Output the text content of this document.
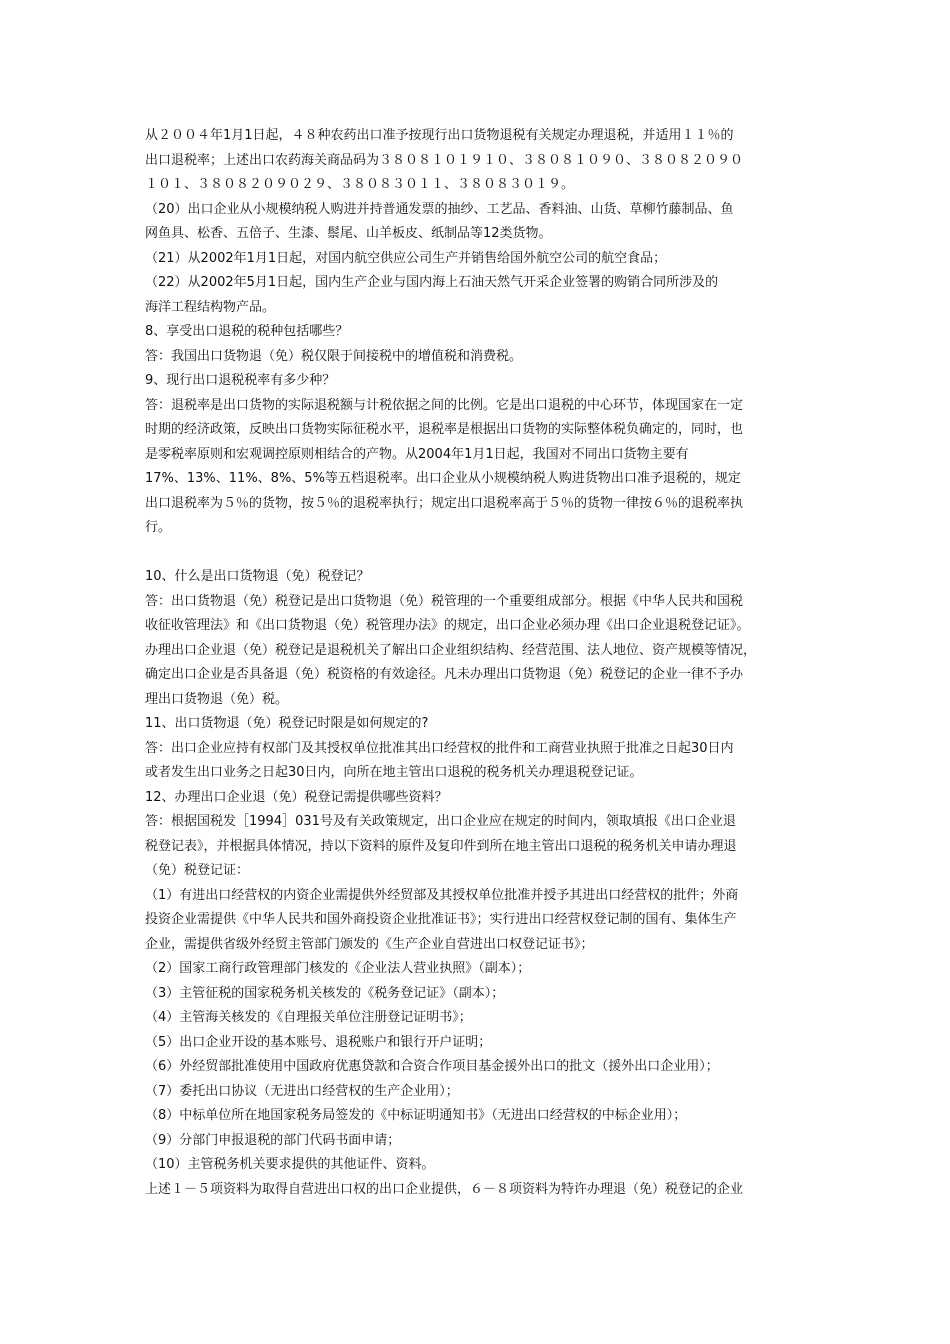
从２００４年1月1日起，４８种农药出口准予按现行出口货物退税有关规定办理退税，并适用１１％的
出口退税率；上述出口农药海关商品码为３８０８１０１９１０、３８０８１０９０、３８０８２０９０
１０１、３８０８２０９０２９、３８０８３０１１、３８０８３０１９。
（20）出口企业从小规模纳税人购进并持普通发票的抽纱、工艺品、香料油、山货、草柳竹藤制品、鱼
网鱼具、松香、五倍子、生漆、鬃尾、山羊板皮、纸制品等12类货物。
（21）从2002年1月1日起，对国内航空供应公司生产并销售给国外航空公司的航空食品；
（22）从2002年5月1日起，国内生产企业与国内海上石油天然气开采企业签署的购销合同所涉及的
海洋工程结构物产品。
8、享受出口退税的税种包括哪些？
答：我国出口货物退（免）税仅限于间接税中的增值税和消费税。
9、现行出口退税税率有多少种？
答：退税率是出口货物的实际退税额与计税依据之间的比例。它是出口退税的中心环节，体现国家在一定
时期的经济政策，反映出口货物实际征税水平，退税率是根据出口货物的实际整体税负确定的，同时，也
是零税率原则和宏观调控原则相结合的产物。从2004年1月1日起，我国对不同出口货物主要有
17%、13%、11%、8%、5%等五档退税率。出口企业从小规模纳税人购进货物出口准予退税的，规定
出口退税率为５％的货物，按５％的退税率执行；规定出口退税率高于５％的货物一律按６％的退税率执
行。
10、什么是出口货物退（免）税登记？
答：出口货物退（免）税登记是出口货物退（免）税管理的一个重要组成部分。根据《中华人民共和国税
收征收管理法》和《出口货物退（免）税管理办法》的规定，出口企业必须办理《出口企业退税登记证》。
办理出口企业退（免）税登记是退税机关了解出口企业组织结构、经营范围、法人地位、资产规模等情况，
确定出口企业是否具备退（免）税资格的有效途径。凡未办理出口货物退（免）税登记的企业一律不予办
理出口货物退（免）税。
11、出口货物退（免）税登记时限是如何规定的?
答：出口企业应持有权部门及其授权单位批准其出口经营权的批件和工商营业执照于批准之日起30日内
或者发生出口业务之日起30日内，向所在地主管出口退税的税务机关办理退税登记证。
12、办理出口企业退（免）税登记需提供哪些资料？
答：根据国税发［1994］031号及有关政策规定，出口企业应在规定的时间内，领取填报《出口企业退
税登记表》，并根据具体情况，持以下资料的原件及复印件到所在地主管出口退税的税务机关申请办理退
（免）税登记证：
（1）有进出口经营权的内资企业需提供外经贸部及其授权单位批准并授予其进出口经营权的批件；外商
投资企业需提供《中华人民共和国外商投资企业批准证书》；实行进出口经营权登记制的国有、集体生产
企业，需提供省级外经贸主管部门颁发的《生产企业自营进出口权登记证书》；
（2）国家工商行政管理部门核发的《企业法人营业执照》（副本）；
（3）主管征税的国家税务机关核发的《税务登记证》（副本）；
（4）主管海关核发的《自理报关单位注册登记证明书》；
（5）出口企业开设的基本账号、退税账户和银行开户证明；
（6）外经贸部批准使用中国政府优惠贷款和合资合作项目基金援外出口的批文（援外出口企业用）；
（7）委托出口协议（无进出口经营权的生产企业用）；
（8）中标单位所在地国家税务局签发的《中标证明通知书》（无进出口经营权的中标企业用）；
（9）分部门申报退税的部门代码书面申请；
（10）主管税务机关要求提供的其他证件、资料。
上述１－５项资料为取得自营进出口权的出口企业提供，６－８项资料为特许办理退（免）税登记的企业
